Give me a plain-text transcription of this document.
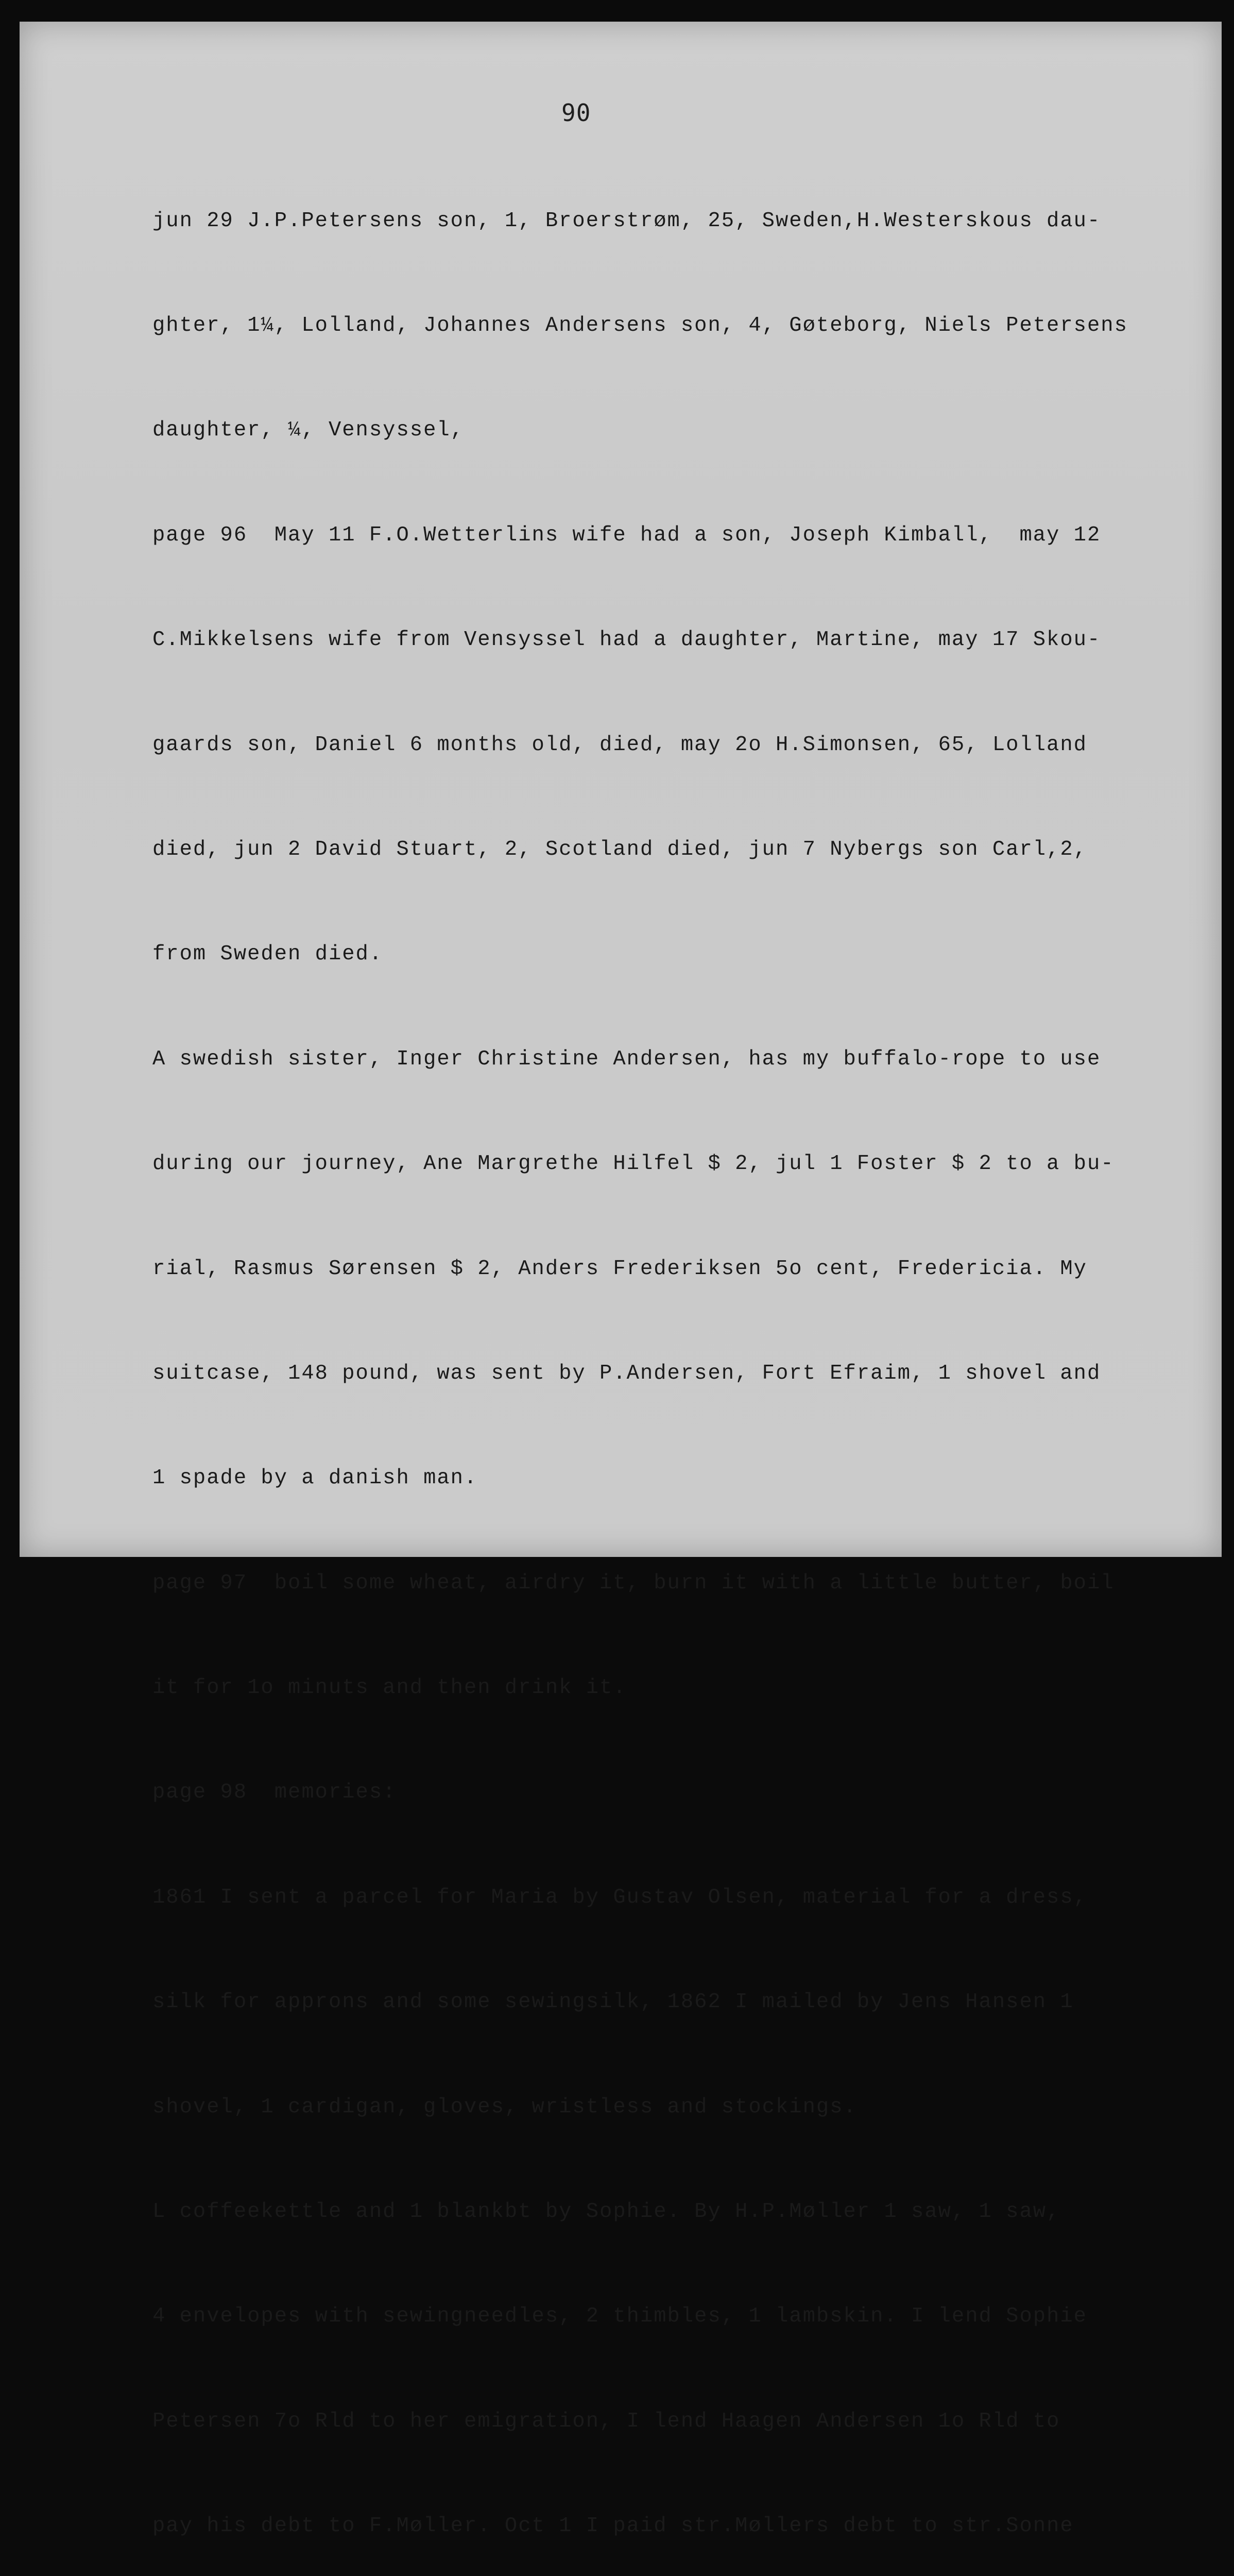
90

jun 29 J.P.Petersens son, 1, Broerstrøm, 25, Sweden,H.Westerskous dau-

ghter, 1¼, Lolland, Johannes Andersens son, 4, Gøteborg, Niels Petersens

daughter, ¼, Vensyssel,

page 96  May 11 F.O.Wetterlins wife had a son, Joseph Kimball,  may 12

C.Mikkelsens wife from Vensyssel had a daughter, Martine, may 17 Skou-

gaards son, Daniel 6 months old, died, may 2o H.Simonsen, 65, Lolland

died, jun 2 David Stuart, 2, Scotland died, jun 7 Nybergs son Carl,2,

from Sweden died.

A swedish sister, Inger Christine Andersen, has my buffalo-rope to use

during our journey, Ane Margrethe Hilfel $ 2, jul 1 Foster $ 2 to a bu-

rial, Rasmus Sørensen $ 2, Anders Frederiksen 5o cent, Fredericia. My

suitcase, 148 pound, was sent by P.Andersen, Fort Efraim, 1 shovel and

1 spade by a danish man.

page 97  boil some wheat, airdry it, burn it with a little butter, boil

it for 1o minuts and then drink it.

page 98  memories:

1861 I sent a parcel for Maria by Gustav Olsen, material for a dress,

silk for approns and some sewingsilk, 1862 I mailed by Jens Hansen 1

shovel, 1 cardigan, gloves, wristless and stockings.

L coffeekettle and 1 blankbt by Sophie. By H.P.Møller 1 saw, 1 saw,

4 envelopes with sewingneedles, 2 thimbles, 1 lambskin. I lend Sophie

Petersen 7o Rld to her emigration, I lend Haagen Andersen 1o Rld to

pay his debt to F.Møller. Oct 1 I paid str.Møllers debt to str.Sonne
